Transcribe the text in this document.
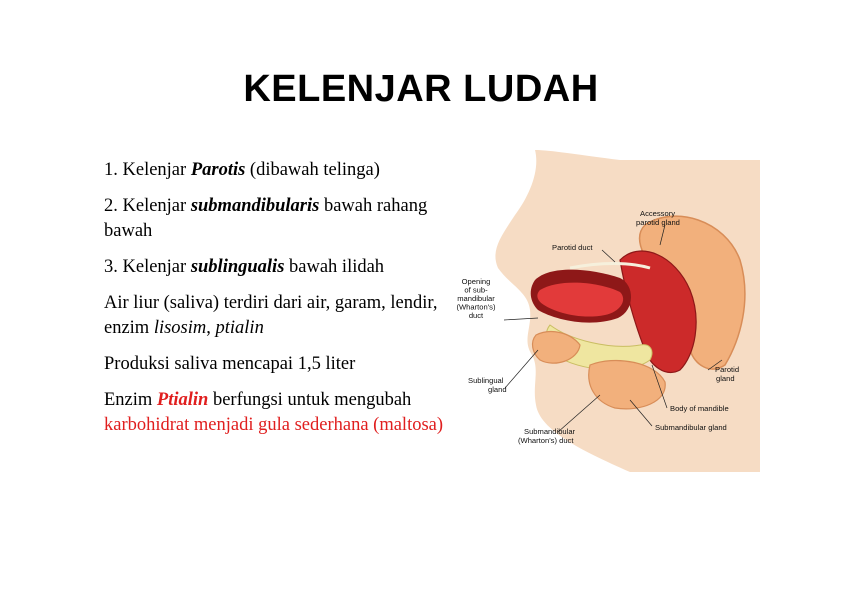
KELENJAR LUDAH

1. Kelenjar Parotis (dibawah telinga)

2. Kelenjar submandibularis bawah rahang bawah

3. Kelenjar sublingualis bawah ilidah

Air liur (saliva) terdiri dari air, garam, lendir, enzim lisosim, ptialin

Produksi saliva mencapai 1,5 liter

Enzim Ptialin berfungsi untuk mengubah karbohidrat menjadi gula sederhana (maltosa)

Accessory parotid gland
Parotid duct
Opening of sub-mandibular (Wharton's) duct
Parotid gland
Sublingual gland
Body of mandible
Submandibular gland
Submandibular (Wharton's) duct
